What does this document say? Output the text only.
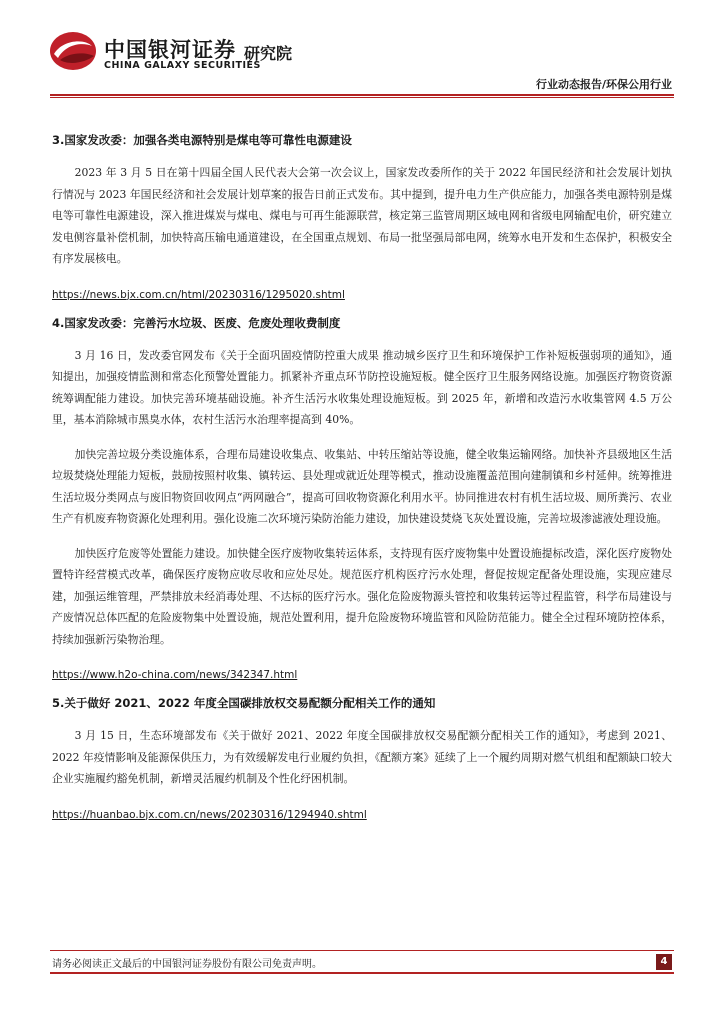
中国银河证券
CHINA GALAXY SECURITIES
研究院
行业动态报告/环保公用行业
3.国家发改委：加强各类电源特别是煤电等可靠性电源建设

2023 年 3 月 5 日在第十四届全国人民代表大会第一次会议上，国家发改委所作的关于 2022 年国民经济和社会发展计划执行情况与 2023 年国民经济和社会发展计划草案的报告日前正式发布。其中提到，提升电力生产供应能力，加强各类电源特别是煤电等可靠性电源建设，深入推进煤炭与煤电、煤电与可再生能源联营，核定第三监管周期区域电网和省级电网输配电价，研究建立发电侧容量补偿机制，加快特高压输电通道建设，在全国重点规划、布局一批坚强局部电网，统筹水电开发和生态保护，积极安全有序发展核电。

https://news.bjx.com.cn/html/20230316/1295020.shtml
4.国家发改委：完善污水垃圾、医废、危废处理收费制度

3 月 16 日，发改委官网发布《关于全面巩固疫情防控重大成果 推动城乡医疗卫生和环境保护工作补短板强弱项的通知》，通知提出，加强疫情监测和常态化预警处置能力。抓紧补齐重点环节防控设施短板。健全医疗卫生服务网络设施。加强医疗物资资源统筹调配能力建设。加快完善环境基础设施。补齐生活污水收集处理设施短板。到 2025 年，新增和改造污水收集管网 4.5 万公里，基本消除城市黑臭水体，农村生活污水治理率提高到 40%。

加快完善垃圾分类设施体系，合理布局建设收集点、收集站、中转压缩站等设施，健全收集运输网络。加快补齐县级地区生活垃圾焚烧处理能力短板，鼓励按照村收集、镇转运、县处理或就近处理等模式，推动设施覆盖范围向建制镇和乡村延伸。统筹推进生活垃圾分类网点与废旧物资回收网点“两网融合”，提高可回收物资源化利用水平。协同推进农村有机生活垃圾、厕所粪污、农业生产有机废弃物资源化处理利用。强化设施二次环境污染防治能力建设，加快建设焚烧飞灰处置设施，完善垃圾渗滤液处理设施。

加快医疗危废等处置能力建设。加快健全医疗废物收集转运体系，支持现有医疗废物集中处置设施提标改造，深化医疗废物处置特许经营模式改革，确保医疗废物应收尽收和应处尽处。规范医疗机构医疗污水处理，督促按规定配备处理设施，实现应建尽建，加强运维管理，严禁排放未经消毒处理、不达标的医疗污水。强化危险废物源头管控和收集转运等过程监管，科学布局建设与产废情况总体匹配的危险废物集中处置设施，规范处置利用，提升危险废物环境监管和风险防范能力。健全全过程环境防控体系，持续加强新污染物治理。

https://www.h2o-china.com/news/342347.html
5.关于做好 2021、2022 年度全国碳排放权交易配额分配相关工作的通知

3 月 15 日，生态环境部发布《关于做好 2021、2022 年度全国碳排放权交易配额分配相关工作的通知》，考虑到 2021、2022 年疫情影响及能源保供压力，为有效缓解发电行业履约负担，《配额方案》延续了上一个履约周期对燃气机组和配额缺口较大企业实施履约豁免机制，新增灵活履约机制及个性化纾困机制。

https://huanbao.bjx.com.cn/news/20230316/1294940.shtml
请务必阅读正文最后的中国银河证券股份有限公司免责声明。	4
